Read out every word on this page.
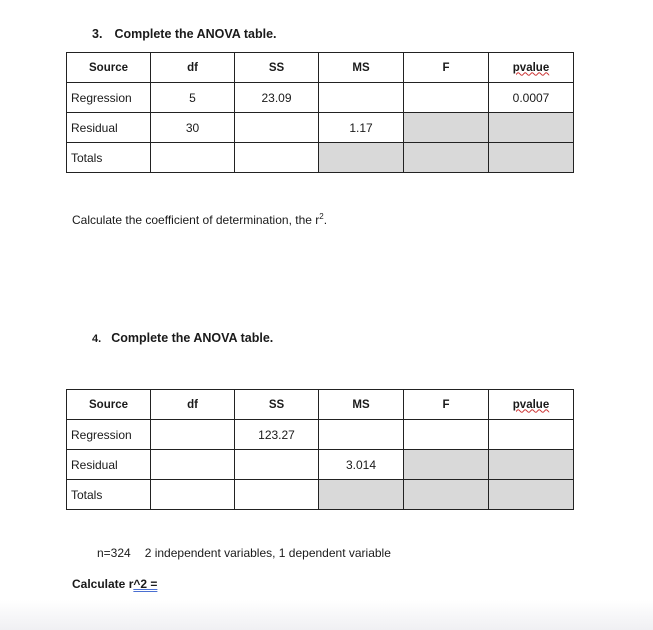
3. Complete the ANOVA table.
Source	df	SS	MS	F	pvalue
Regression	5	23.09			0.0007
Residual	30		1.17		
Totals					
Calculate the coefficient of determination, the $r^2$.
4. Complete the ANOVA table.
Source	df	SS	MS	F	pvalue
Regression		123.27			
Residual			3.014		
Totals					
n=324 2 independent variables, 1 dependent variable
Calculate r^2 =
